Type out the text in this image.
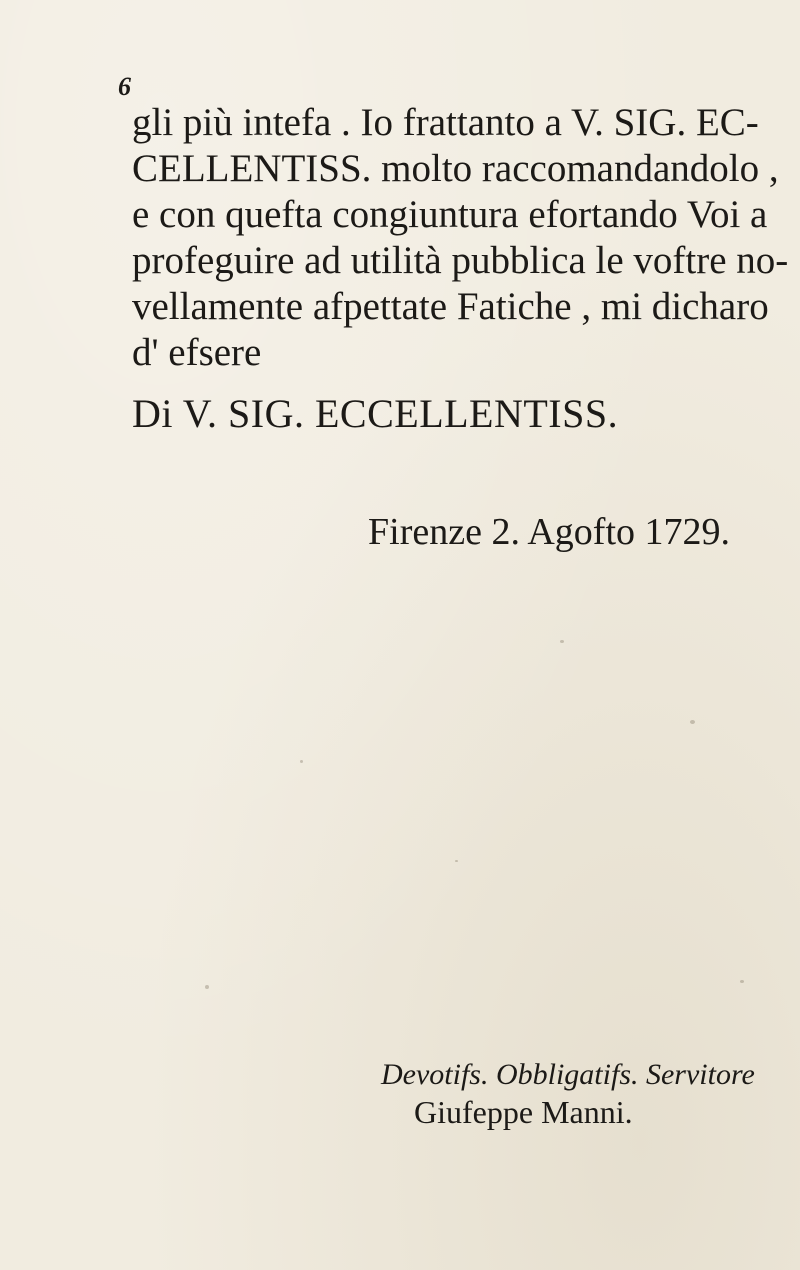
6
gli più intefa . Io frattanto a V. SIG. EC-
CELLENTISS. molto raccomandandolo ,
e con quefta congiuntura efortando Voi a
profeguire ad utilità pubblica le voftre no-
vellamente afpettate Fatiche , mi dicharo
d' efsere
Di V. SIG. ECCELLENTISS.
Firenze 2. Agofto 1729.
Devotifs. Obbligatifs. Servitore
Giufeppe Manni.
